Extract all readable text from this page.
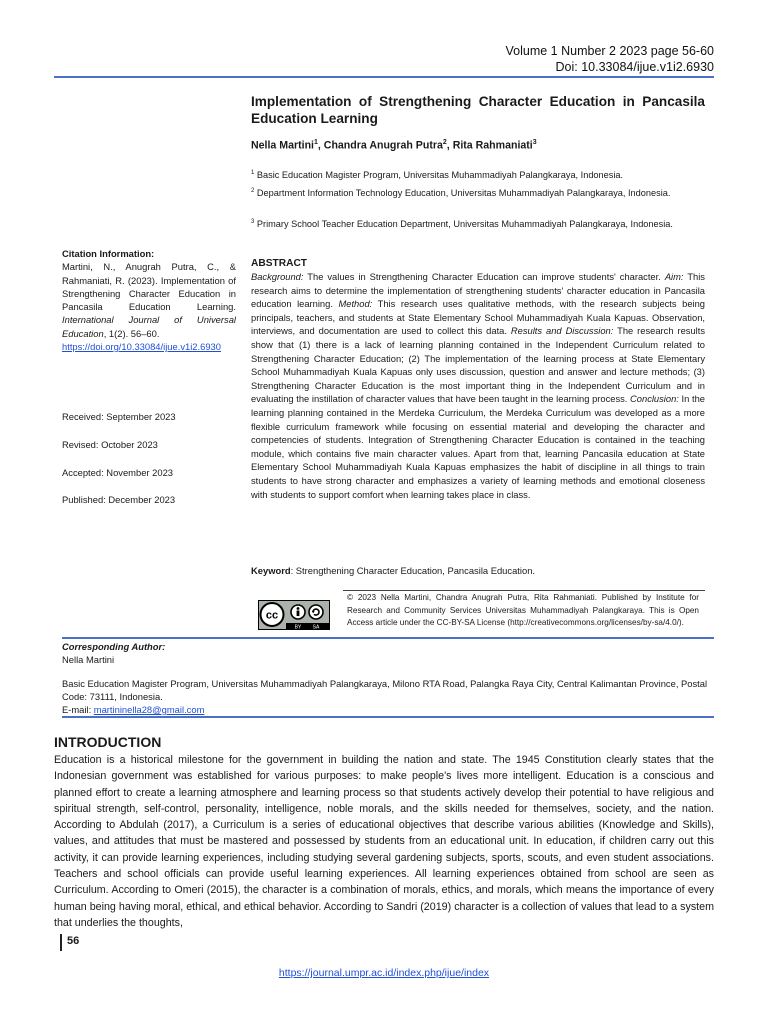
Volume 1 Number 2 2023 page 56-60
Doi: 10.33084/ijue.v1i2.6930
Implementation of Strengthening Character Education in Pancasila Education Learning
Nella Martini$^1$, Chandra Anugrah Putra$^2$, Rita Rahmaniati$^3$
$^1$ Basic Education Magister Program, Universitas Muhammadiyah Palangkaraya, Indonesia.
$^2$ Department Information Technology Education, Universitas Muhammadiyah Palangkaraya, Indonesia.
$^3$ Primary School Teacher Education Department, Universitas Muhammadiyah Palangkaraya, Indonesia.
Citation Information:
Martini, N., Anugrah Putra, C., & Rahmaniati, R. (2023). Implementation of Strengthening Character Education in Pancasila Education Learning. International Journal of Universal Education, 1(2). 56–60.
https://doi.org/10.33084/ijue.v1i2.6930
Received: September 2023
Revised: October 2023
Accepted: November 2023
Published: December 2023
ABSTRACT
Background: The values in Strengthening Character Education can improve students' character. Aim: This research aims to determine the implementation of strengthening students' character education in Pancasila education learning. Method: This research uses qualitative methods, with the research subjects being principals, teachers, and students at State Elementary School Muhammadiyah Kuala Kapuas. Observation, interviews, and documentation are used to collect this data. Results and Discussion: The research results show that (1) there is a lack of learning planning contained in the Independent Curriculum related to Strengthening Character Education; (2) The implementation of the learning process at State Elementary School Muhammadiyah Kuala Kapuas only uses discussion, question and answer and lecture methods; (3) Strengthening Character Education is the most important thing in the Independent Curriculum and in evaluating the instillation of character values that have been taught in the learning process. Conclusion: In the learning planning contained in the Merdeka Curriculum, the Merdeka Curriculum was developed as a more flexible curriculum framework while focusing on essential material and developing the character and competencies of students. Integration of Strengthening Character Education is contained in the teaching module, which contains five main character values. Apart from that, learning Pancasila education at State Elementary School Muhammadiyah Kuala Kapuas emphasizes the habit of discipline in all things to train students to have strong character and emphasizes a variety of learning methods and emotional closeness with students to support comfort when learning takes place in class.
Keyword: Strengthening Character Education, Pancasila Education.
cc
BY SA
© 2023 Nella Martini, Chandra Anugrah Putra, Rita Rahmaniati. Published by Institute for Research and Community Services Universitas Muhammadiyah Palangkaraya. This is Open Access article under the CC-BY-SA License (http://creativecommons.org/licenses/by-sa/4.0/).
Corresponding Author:
Nella Martini
Basic Education Magister Program, Universitas Muhammadiyah Palangkaraya, Milono RTA Road, Palangka Raya City, Central Kalimantan Province, Postal Code: 73111, Indonesia.
E-mail: martininella28@gmail.com
INTRODUCTION
Education is a historical milestone for the government in building the nation and state. The 1945 Constitution clearly states that the Indonesian government was established for various purposes: to make people's lives more intelligent. Education is a conscious and planned effort to create a learning atmosphere and learning process so that students actively develop their potential to have religious and spiritual strength, self-control, personality, intelligence, noble morals, and the skills needed for themselves, society, and the nation. According to Abdulah (2017), a Curriculum is a series of educational objectives that describe various abilities (Knowledge and Skills), values, and attitudes that must be mastered and possessed by students from an educational unit. In education, if children carry out this activity, it can provide learning experiences, including studying several gardening subjects, sports, scouts, and even student associations. Teachers and school officials can provide useful learning experiences. All learning experiences obtained from school are seen as Curriculum. According to Omeri (2015), the character is a combination of morals, ethics, and morals, which means the importance of every human being having moral, ethical, and ethical behavior. According to Sandri (2019) character is a collection of values that lead to a system that underlies the thoughts,
56
https://journal.umpr.ac.id/index.php/ijue/index
